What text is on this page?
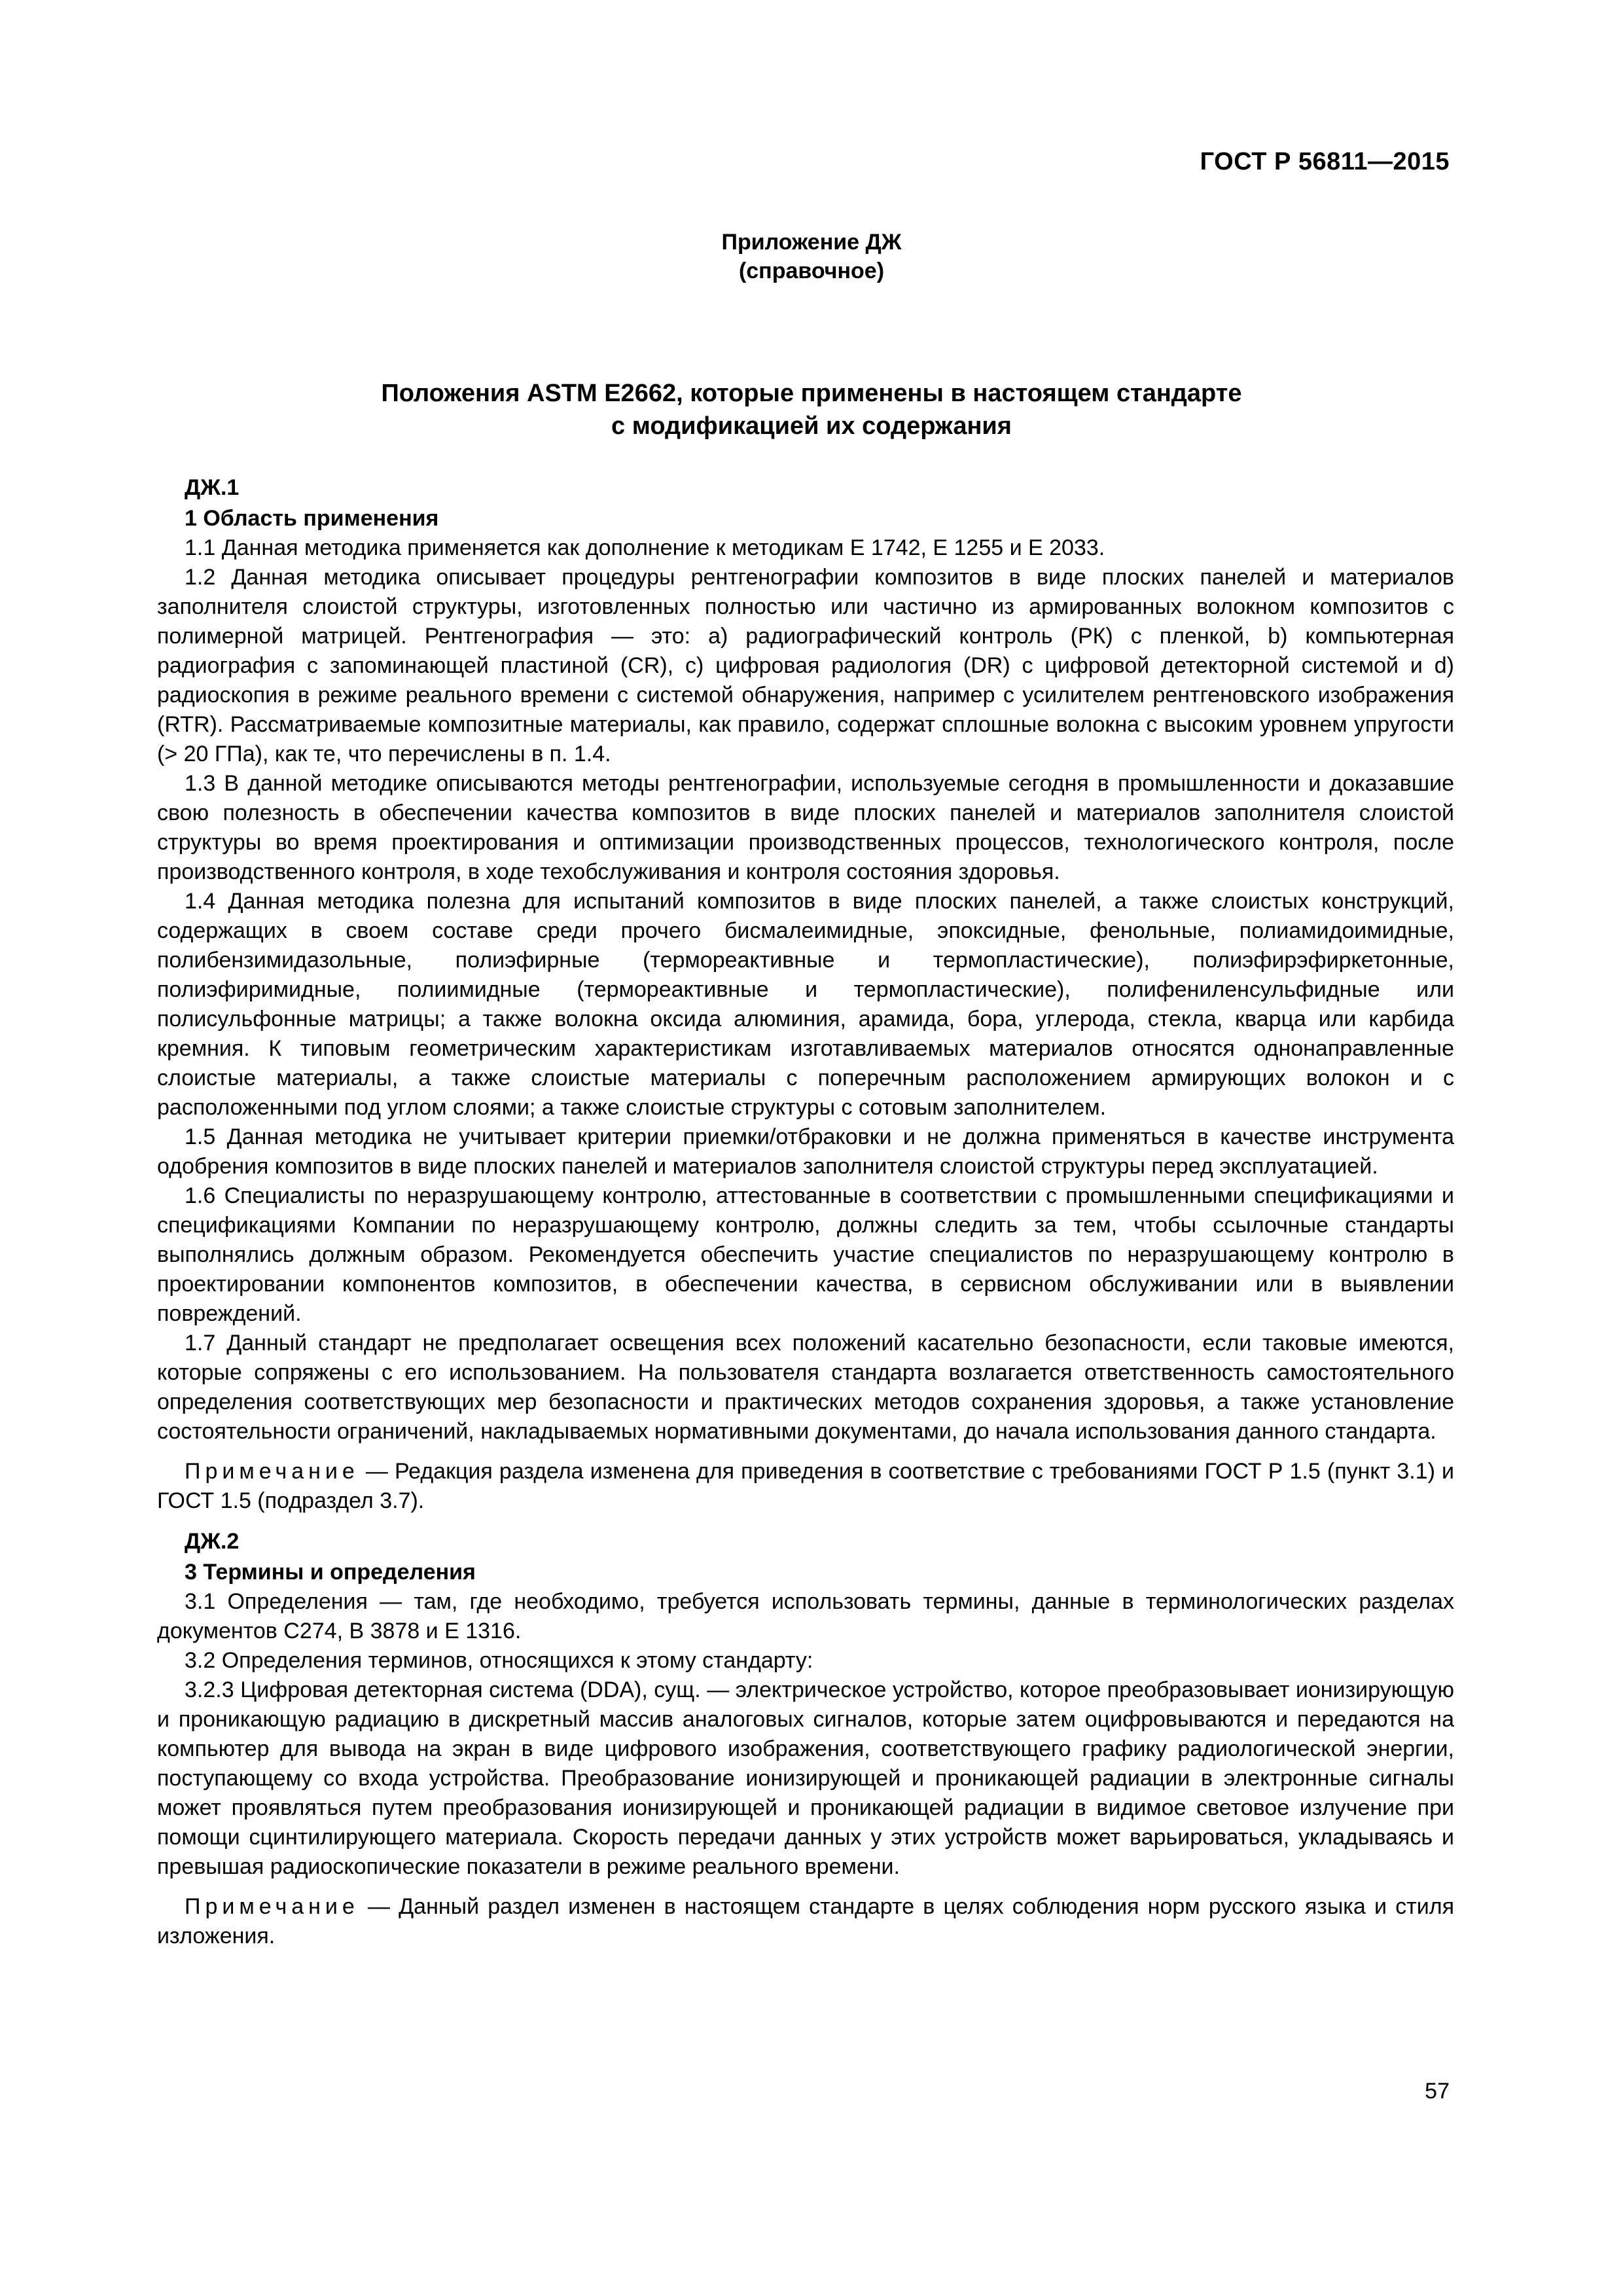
ГОСТ Р 56811—2015
Приложение ДЖ
(справочное)
Положения ASTM E2662, которые применены в настоящем стандарте
с модификацией их содержания
ДЖ.1
1 Область применения

1.1 Данная методика применяется как дополнение к методикам Е 1742, Е 1255 и Е 2033.

1.2 Данная методика описывает процедуры рентгенографии композитов в виде плоских панелей и материалов заполнителя слоистой структуры, изготовленных полностью или частично из армированных волокном композитов с полимерной матрицей. Рентгенография — это: a) радиографический контроль (РК) с пленкой, b) компьютерная радиография с запоминающей пластиной (CR), c) цифровая радиология (DR) с цифровой детекторной системой и d) радиоскопия в режиме реального времени с системой обнаружения, например с усилителем рентгеновского изображения (RTR). Рассматриваемые композитные материалы, как правило, содержат сплошные волокна с высоким уровнем упругости (> 20 ГПа), как те, что перечислены в п. 1.4.

1.3 В данной методике описываются методы рентгенографии, используемые сегодня в промышленности и доказавшие свою полезность в обеспечении качества композитов в виде плоских панелей и материалов заполнителя слоистой структуры во время проектирования и оптимизации производственных процессов, технологического контроля, после производственного контроля, в ходе техобслуживания и контроля состояния здоровья.

1.4 Данная методика полезна для испытаний композитов в виде плоских панелей, а также слоистых конструкций, содержащих в своем составе среди прочего бисмалеимидные, эпоксидные, фенольные, полиамидоимидные, полибензимидазольные, полиэфирные (термореактивные и термопластические), полиэфирэфиркетонные, полиэфиримидные, полиимидные (термореактивные и термопластические), полифениленсульфидные или полисульфонные матрицы; а также волокна оксида алюминия, арамида, бора, углерода, стекла, кварца или карбида кремния. К типовым геометрическим характеристикам изготавливаемых материалов относятся однонаправленные слоистые материалы, а также слоистые материалы с поперечным расположением армирующих волокон и с расположенными под углом слоями; а также слоистые структуры с сотовым заполнителем.

1.5 Данная методика не учитывает критерии приемки/отбраковки и не должна применяться в качестве инструмента одобрения композитов в виде плоских панелей и материалов заполнителя слоистой структуры перед эксплуатацией.

1.6 Специалисты по неразрушающему контролю, аттестованные в соответствии с промышленными спецификациями и спецификациями Компании по неразрушающему контролю, должны следить за тем, чтобы ссылочные стандарты выполнялись должным образом. Рекомендуется обеспечить участие специалистов по неразрушающему контролю в проектировании компонентов композитов, в обеспечении качества, в сервисном обслуживании или в выявлении повреждений.

1.7 Данный стандарт не предполагает освещения всех положений касательно безопасности, если таковые имеются, которые сопряжены с его использованием. На пользователя стандарта возлагается ответственность самостоятельного определения соответствующих мер безопасности и практических методов сохранения здоровья, а также установление состоятельности ограничений, накладываемых нормативными документами, до начала использования данного стандарта.

Примечание — Редакция раздела изменена для приведения в соответствие с требованиями ГОСТ Р 1.5 (пункт 3.1) и ГОСТ 1.5 (подраздел 3.7).

ДЖ.2
3 Термины и определения

3.1 Определения — там, где необходимо, требуется использовать термины, данные в терминологических разделах документов С274, В 3878 и Е 1316.

3.2 Определения терминов, относящихся к этому стандарту:

3.2.3 Цифровая детекторная система (DDA), сущ. — электрическое устройство, которое преобразовывает ионизирующую и проникающую радиацию в дискретный массив аналоговых сигналов, которые затем оцифровываются и передаются на компьютер для вывода на экран в виде цифрового изображения, соответствующего графику радиологической энергии, поступающему со входа устройства. Преобразование ионизирующей и проникающей радиации в электронные сигналы может проявляться путем преобразования ионизирующей и проникающей радиации в видимое световое излучение при помощи сцинтилирующего материала. Скорость передачи данных у этих устройств может варьироваться, укладываясь и превышая радиоскопические показатели в режиме реального времени.

Примечание — Данный раздел изменен в настоящем стандарте в целях соблюдения норм русского языка и стиля изложения.

57
